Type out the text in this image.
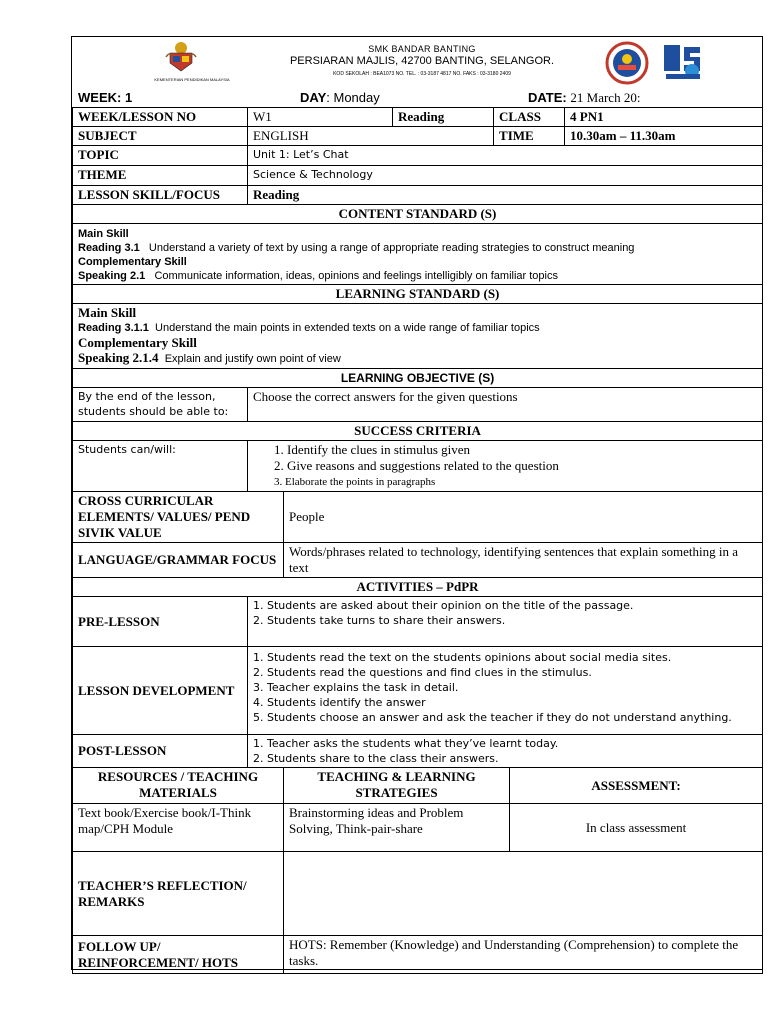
KEMENTERIAN PENDIDIKAN MALAYSIA
SMK BANDAR BANTING
PERSIARAN MAJLIS, 42700 BANTING, SELANGOR.
KOD SEKOLAH : BEA1073 NO. TEL. : 03-3187 4817 NO. FAKS : 03-3180 2409
WEEK: 1	DAY: Monday	DATE: 21 March 20:
WEEK/LESSON NO	W1		Reading	CLASS		4 PN1
SUBJECT	ENGLISH			TIME		10.30am – 11.30am
TOPIC	Unit 1: Let’s Chat					
THEME	Science & Technology					
LESSON SKILL/FOCUS	Reading					
CONTENT STANDARD (S)						

Main Skill
Reading 3.1 Understand a variety of text by using a range of appropriate reading strategies to construct meaning
Complementary Skill
Speaking 2.1 Communicate information, ideas, opinions and feelings intelligibly on familiar topics						

LEARNING STANDARD (S)						

Main Skill
Reading 3.1.1 Understand the main points in extended texts on a wide range of familiar topics
Complementary Skill
Speaking 2.1.4 Explain and justify own point of view						

LEARNING OBJECTIVE (S)						
By the end of the lesson, students should be able to:	Choose the correct answers for the given questions					
SUCCESS CRITERIA						
Students can/will:	1. Identify the clues in stimulus given
2. Give reasons and suggestions related to the question
3. Elaborate the points in paragraphs					

CROSS CURRICULAR ELEMENTS/ VALUES/ PEND SIVIK VALUE		People				
LANGUAGE/GRAMMAR FOCUS		Words/phrases related to technology, identifying sentences that explain something in a text				
ACTIVITIES – PdPR						
PRE-LESSON	1. Students are asked about their opinion on the title of the passage.
2. Students take turns to share their answers.					

LESSON DEVELOPMENT	1. Students read the text on the students opinions about social media sites.
2. Students read the questions and find clues in the stimulus.
3. Teacher explains the task in detail.
4. Students identify the answer
5. Students choose an answer and ask the teacher if they do not understand anything.					

POST-LESSON	1. Teacher asks the students what they’ve learnt today.
2. Students share to the class their answers.					

RESOURCES / TEACHING MATERIALS		TEACHING & LEARNING STRATEGIES			ASSESSMENT:	
Text book/Exercise book/I-Think map/CPH Module		Brainstorming ideas and Problem Solving, Think-pair-share			In class assessment	
TEACHER’S REFLECTION/ REMARKS						
FOLLOW UP/ REINFORCEMENT/ HOTS		HOTS: Remember (Knowledge) and Understanding (Comprehension) to complete the tasks.				
